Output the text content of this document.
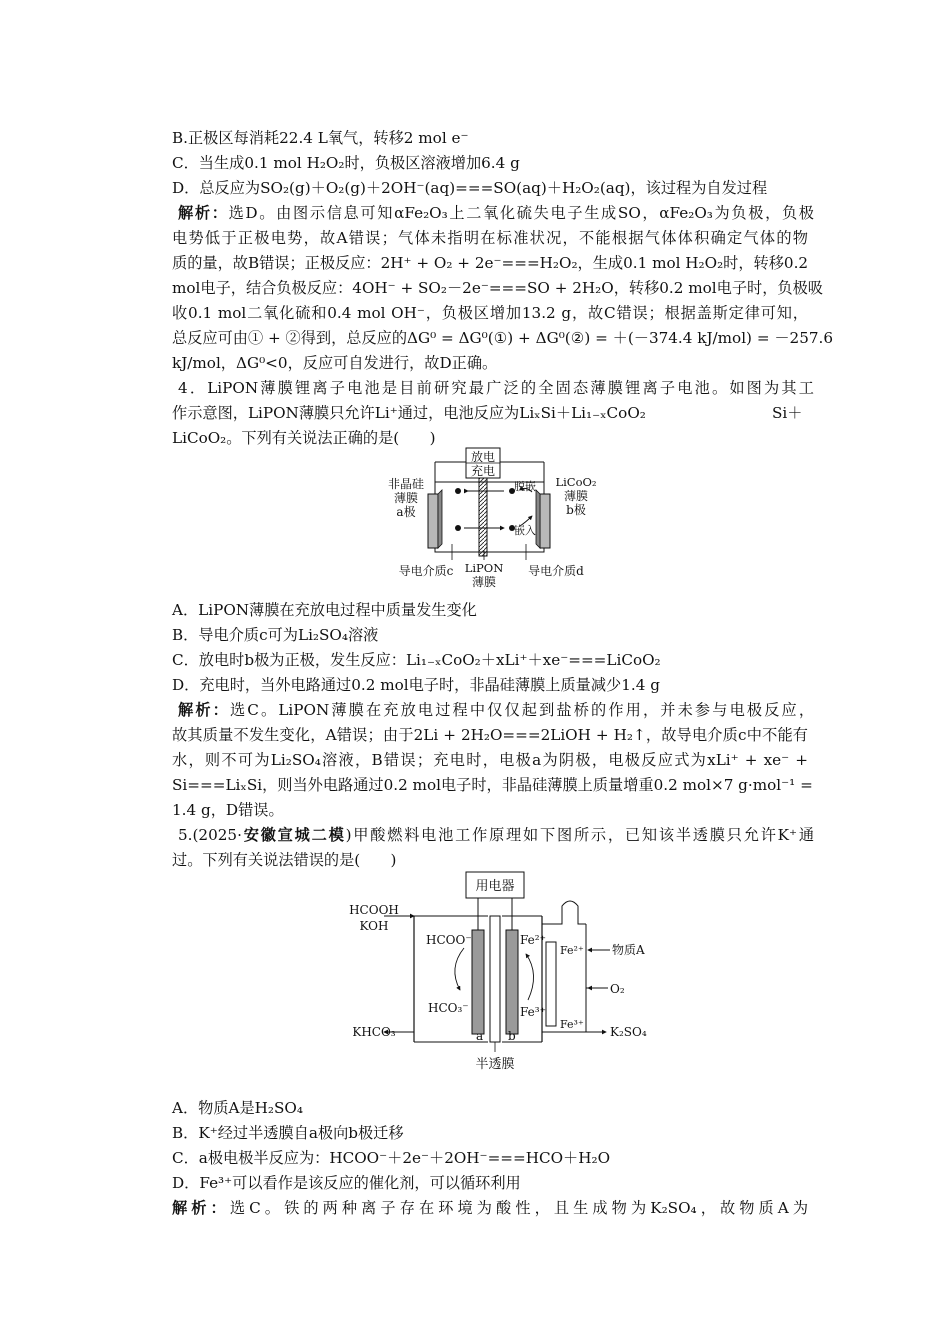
B.正极区每消耗22.4 L氧气，转移2 mol e⁻
C．当生成0.1 mol H₂O₂时，负极区溶液增加6.4 g
D．总反应为SO₂(g)＋O₂(g)＋2OH⁻(aq)===SO(aq)＋H₂O₂(aq)，该过程为自发过程
解析：选D。由图示信息可知αFe₂O₃上二氧化硫失电子生成SO，αFe₂O₃为负极，负极
电势低于正极电势，故A错误；气体未指明在标准状况，不能根据气体体积确定气体的物
质的量，故B错误；正极反应：2H⁺ + O₂ + 2e⁻===H₂O₂，生成0.1 mol H₂O₂时，转移0.2
mol电子，结合负极反应：4OH⁻ + SO₂－2e⁻===SO + 2H₂O，转移0.2 mol电子时，负极吸
收0.1 mol二氧化硫和0.4 mol OH⁻，负极区增加13.2 g，故C错误；根据盖斯定律可知，
总反应可由① + ②得到，总反应的ΔG⁰ = ΔG⁰(①) + ΔG⁰(②) = ＋(－374.4 kJ/mol) = －257.6
kJ/mol，ΔG⁰<0，反应可自发进行，故D正确。
4．LiPON薄膜锂离子电池是目前研究最广泛的全固态薄膜锂离子电池。如图为其工
作示意图，LiPON薄膜只允许Li⁺通过，电池反应为LiₓSi＋Li₁₋ₓCoO₂	Si＋
LiCoO₂。下列有关说法正确的是(　　)
放电
充电
脱嵌
嵌入
非晶硅
薄膜
a极
LiCoO₂
薄膜
b极
导电介质c LiPON
薄膜
导电介质d
A．LiPON薄膜在充放电过程中质量发生变化
B．导电介质c可为Li₂SO₄溶液
C．放电时b极为正极，发生反应：Li₁₋ₓCoO₂＋xLi⁺＋xe⁻===LiCoO₂
D．充电时，当外电路通过0.2 mol电子时，非晶硅薄膜上质量减少1.4 g
解析：选C。LiPON薄膜在充放电过程中仅仅起到盐桥的作用，并未参与电极反应，
故其质量不发生变化，A错误；由于2Li + 2H₂O===2LiOH + H₂↑，故导电介质c中不能有
水，则不可为Li₂SO₄溶液，B错误；充电时，电极a为阴极，电极反应式为xLi⁺ + xe⁻ +
Si===LiₓSi，则当外电路通过0.2 mol电子时，非晶硅薄膜上质量增重0.2 mol×7 g·mol⁻¹ =
1.4 g，D错误。
5.(2025·安徽宣城二模)甲酸燃料电池工作原理如下图所示，已知该半透膜只允许K⁺通
过。下列有关说法错误的是(　　)
用电器
HCOOH
KOH
KHCO₃
HCOO⁻
HCO₃⁻
Fe²⁺
Fe³⁺
Fe²⁺ 物质A
O₂
Fe³⁺
K₂SO₄
a b
半透膜
A．物质A是H₂SO₄
B．K⁺经过半透膜自a极向b极迁移
C．a极电极半反应为：HCOO⁻＋2e⁻＋2OH⁻===HCO＋H₂O
D．Fe³⁺可以看作是该反应的催化剂，可以循环利用
解析：选C。铁的两种离子存在环境为酸性，且生成物为K₂SO₄，故物质A为
